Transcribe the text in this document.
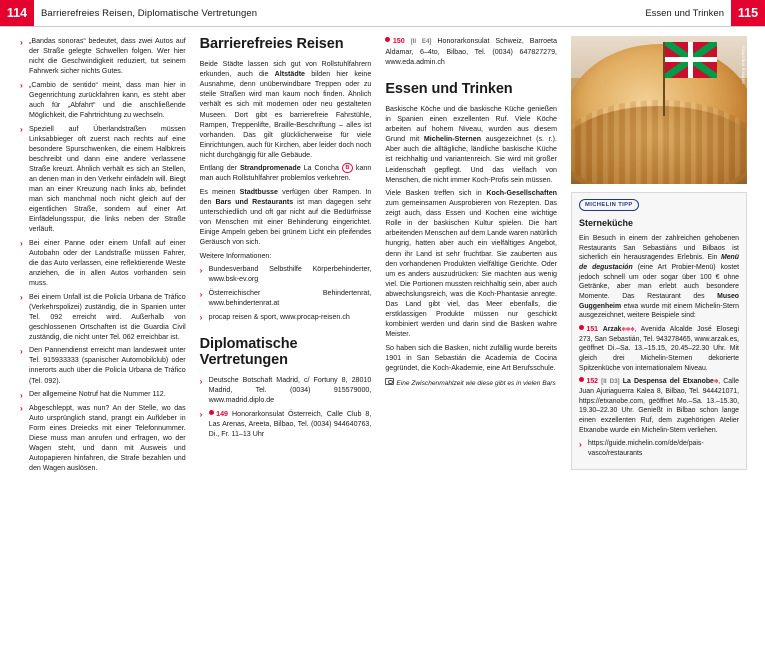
114	Barrierefreies Reisen, Diplomatische Vertretungen	Essen und Trinken	115
› „Bandas sonoras“ bedeutet, dass zwei Autos auf der Straße gelegte Schwellen folgen. Wer hier nicht die Geschwindigkeit reduziert, tut seinem Fahrwerk sicher nichts Gutes.
› „Cambio de sentido“ meint, dass man hier in Gegenrichtung zurückfahren kann, es steht aber auch für „Abfahrt“ und die anschließende Möglichkeit, die Fahrtrichtung zu wechseln.
› Speziell auf Überlandstraßen müssen Linksabbieger oft zuerst nach rechts auf eine besondere Spurschwenken, die einem Halbkreis beschreibt und dann eine andere verlassene Straße kreuzt. Ähnlich verhält es sich an Stellen, an denen man in den Verkehr einfädeln will. Biegt man an einer Kreuzung nach links ab, befindet man sich manchmal noch nicht gleich auf der eigentlichen Straße, sondern auf einer Art Einfädelungsspur, die links neben der Straße verläuft.
› Bei einer Panne oder einem Unfall auf einer Autobahn oder der Landstraße müssen Fahrer, die das Auto verlassen, eine reflektierende Weste anziehen, die in allen Autos vorhanden sein muss.
› Bei einem Unfall ist die Policía Urbana de Tráfico (Verkehrspolizei) zuständig, die in Spanien unter Tel. 092 erreicht wird. Außerhalb von geschlossenen Ortschaften ist die Guardia Civil zuständig, die nicht unter Tel. 062 erreichbar ist.
› Den Pannendienst erreicht man landesweit unter Tel. 915933333 (spanischer Automobilclub) oder innerorts auch über die Policía Urbana de Tráfico (Tel. 092).
› Der allgemeine Notruf hat die Nummer 112.
› Abgeschleppt, was nun? An der Stelle, wo das Auto ursprünglich stand, prangt ein Aufkleber in Form eines Dreiecks mit einer Telefonnummer. Diese muss man anrufen und erfragen, wo der Wagen steht, und dann mit Ausweis und Autopapieren hinfahren, die Strafe bezahlen und den Wagen auslösen.
Barrierefreies Reisen

Beide Städte lassen sich gut von Rollstuhlfahrern erkunden, auch die Altstädte bilden hier keine Ausnahme, denn unüberwindbare Treppen oder zu steile Straßen wird man kaum noch finden. Ähnlich verhält es sich mit modernen oder neu gestalteten Museen. Dort gibt es barrierefreie Fahrstühle, Rampen, Treppenlifte, Braille-Beschriftung – alles ist vorhanden. Das gilt glücklicherweise für viele Einrichtungen, auch für Kirchen, aber leider doch noch nicht durchgängig für alle Gebäude.

Entlang der Strandpromenade La Concha B kann man auch Rollstuhlfahrer problemlos verkehren.

Es meinen Stadtbusse verfügen über Rampen. In den Bars und Restaurants ist man dagegen sehr unterschiedlich und oft gar nicht auf die Bedürfnisse von Menschen mit einer Behinderung eingerichtet. Einige Ampeln geben bei grünem Licht ein pfeifendes Geräusch von sich.

Weitere Informationen:

› Bundesverband Selbsthilfe Körperbehinderter, www.bsk-ev.org
› Österreichischer Behindertenrat, www.behindertenrat.at
› procap reisen & sport, www.procap-reisen.ch
Diplomatische Vertretungen
› Deutsche Botschaft Madrid, c/ Fortuny 8, 28010 Madrid, Tel. (0034) 915579000, www.madrid.diplo.de
› 149 Honorarkonsulat Österreich, Calle Club 8, Las Arenas, Areeta, Bilbao, Tel. (0034) 944640763, Di., Fr. 11–13 Uhr
150 [II E4] Honorarkonsulat Schweiz, Barroeta Aldamar, 6–4to, Bilbao, Tel. (0034) 647827279, www.eda.admin.ch
Essen und Trinken

Baskische Köche und die baskische Küche genießen in Spanien einen exzellenten Ruf. Viele Köche arbeiten auf hohem Niveau, wurden aus diesem Grund mit Michelin-Sternen ausgezeichnet (s. r.). Aber auch die alltägliche, ländliche baskische Küche ist reichhaltig und variantenreich. Sie wird mit großer Leidenschaft gepflegt. Und das vielfach von Menschen, die nicht immer Koch-Profis sein müssen.

Viele Basken treffen sich in Koch-Gesellschaften zum gemeinsamen Ausprobieren von Rezepten. Das zeigt auch, dass Essen und Kochen eine wichtige Rolle in der baskischen Kultur spielen. Die hart arbeitenden Menschen auf dem Lande waren natürlich hungrig, hatten aber auch ein vielfältiges Angebot, denn ihr Land ist sehr fruchtbar. Sie zauberten aus den vorhandenen Produkten vielfältige Gerichte. Oder um es anders auszudrücken: Sie machten aus wenig viel. Die Portionen mussten reichhaltig sein, aber auch abwechslungsreich, was die Koch-Phantasie anregte. Das Land gibt viel, das Meer ebenfalls, die erstklassigen Produkte müssen nur geschickt kombiniert werden und darin sind die Basken wahre Meister.

So haben sich die Basken, nicht zufällig wurde bereits 1901 in San Sebastián die Academia de Cocina gegründet, die Koch-Akademie, eine Art Berufsschule.

Eine Zwischenmahlzeit wie diese gibt es in vielen Bars
mauritius images
MICHELIN TIPP
Sterneküche
Ein Besuch in einem der zahlreichen gehobenen Restaurants San Sebastiáns und Bilbaos ist sicherlich ein herausragendes Erlebnis. Ein Menü de degustación (eine Art Probier-Menü) kostet jedoch schnell um oder sogar über 100 € ohne Getränke, aber man erlebt auch besondere Momente. Das Restaurant des Museo Guggenheim etwa wurde mit einem Michelin-Stern ausgezeichnet, weitere Beispiele sind:
151 Arzak✻✻✻, Avenida Alcalde José Elosegi 273, San Sebastián, Tel. 943278465, www.arzak.es, geöffnet Di.–Sa. 13.–15.15, 20.45–22.30 Uhr. Mit gleich drei Michelin-Sternen dekorierte Spitzenküche von internationalem Niveau.
152 [II D3] La Despensa del Etxanobe✻, Calle Juan Ajuriaguerra Kalea 8, Bilbao, Tel. 944421071, https://etxanobe.com, geöffnet Mo.–Sa. 13.–15.30, 19.30–22.30 Uhr. Genießt in Bilbao schon lange einen exzellenten Ruf, dem zugehörigen Atelier Etxanobe wurde ein Michelin-Stern verliehen.
› https://guide.michelin.com/de/de/pais-vasco/restaurants
